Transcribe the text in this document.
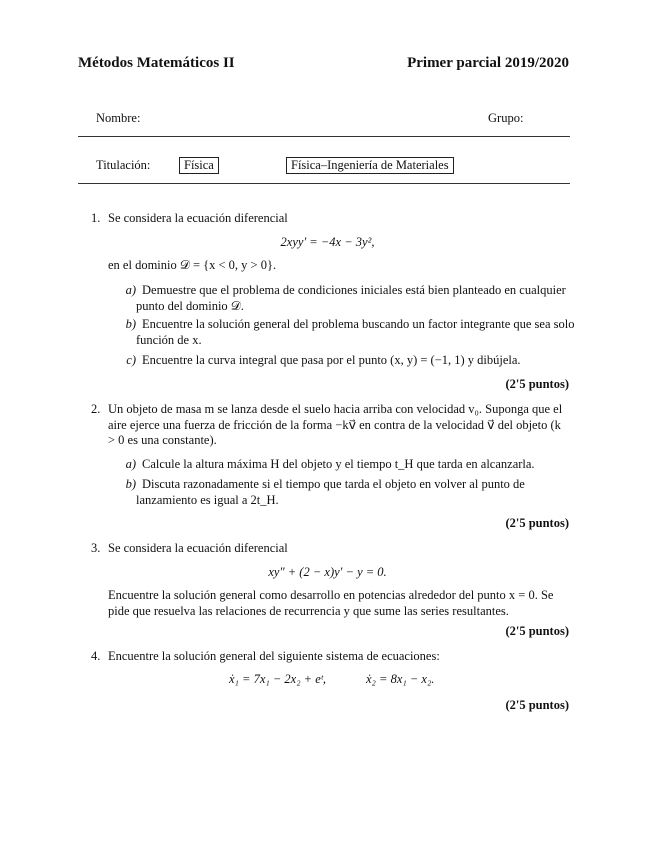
Métodos Matemáticos II	Primer parcial 2019/2020
Nombre:	Grupo:
Titulación:	Física	Física–Ingeniería de Materiales
1. Se considera la ecuación diferencial
2xyy′ = −4x − 3y²,
en el dominio 𝒟 = {x < 0, y > 0}.
a) Demuestre que el problema de condiciones iniciales está bien planteado en cualquier punto del dominio 𝒟.
b) Encuentre la solución general del problema buscando un factor integrante que sea solo función de x.
c) Encuentre la curva integral que pasa por el punto (x, y) = (−1, 1) y dibújela.
(2'5 puntos)
2. Un objeto de masa m se lanza desde el suelo hacia arriba con velocidad v₀. Suponga que el aire ejerce una fuerza de fricción de la forma −kv⃗ en contra de la velocidad v⃗ del objeto (k > 0 es una constante).
a) Calcule la altura máxima H del objeto y el tiempo t_H que tarda en alcanzarla.
b) Discuta razonadamente si el tiempo que tarda el objeto en volver al punto de lanzamiento es igual a 2t_H.
(2'5 puntos)
3. Se considera la ecuación diferencial
xy″ + (2 − x)y′ − y = 0.
Encuentre la solución general como desarrollo en potencias alrededor del punto x = 0. Se pide que resuelva las relaciones de recurrencia y que sume las series resultantes.
(2'5 puntos)
4. Encuentre la solución general del siguiente sistema de ecuaciones:
ẋ₁ = 7x₁ − 2x₂ + eᵗ,	ẋ₂ = 8x₁ − x₂.
(2'5 puntos)
